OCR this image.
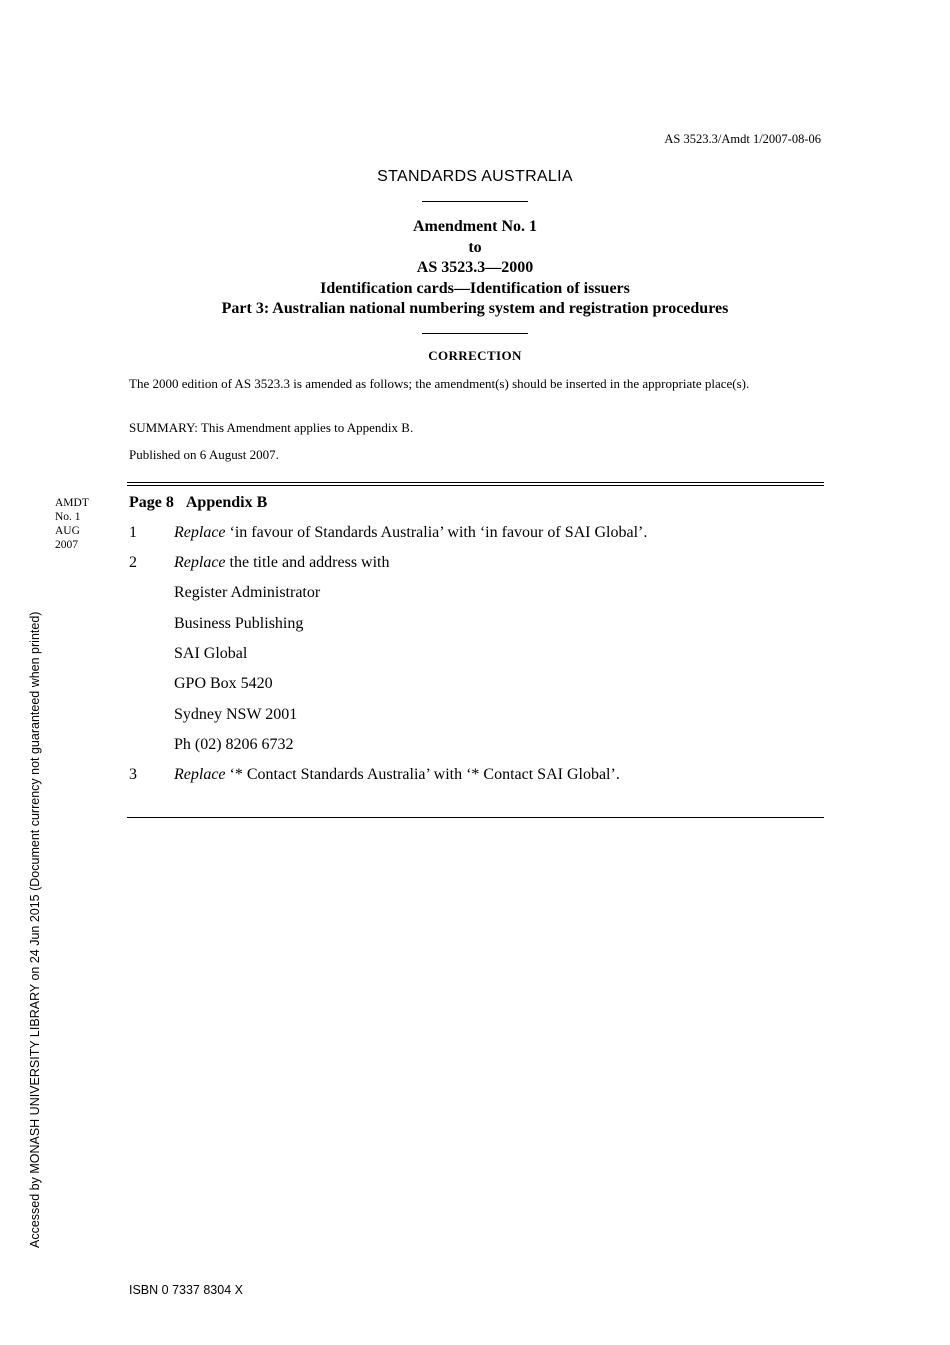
AS 3523.3/Amdt 1/2007-08-06
STANDARDS AUSTRALIA
Amendment No. 1
to
AS 3523.3—2000
Identification cards—Identification of issuers
Part 3: Australian national numbering system and registration procedures
CORRECTION
The 2000 edition of AS 3523.3 is amended as follows; the amendment(s) should be inserted in the appropriate place(s).
SUMMARY: This Amendment applies to Appendix B.
Published on 6 August 2007.
AMDT
No. 1
AUG
2007
Page 8 Appendix B
1 Replace ‘in favour of Standards Australia’ with ‘in favour of SAI Global’.
2 Replace the title and address with
Register Administrator
Business Publishing
SAI Global
GPO Box 5420
Sydney NSW 2001
Ph (02) 8206 6732
3 Replace ‘* Contact Standards Australia’ with ‘* Contact SAI Global’.
Accessed by MONASH UNIVERSITY LIBRARY on 24 Jun 2015 (Document currency not guaranteed when printed)
ISBN 0 7337 8304 X
